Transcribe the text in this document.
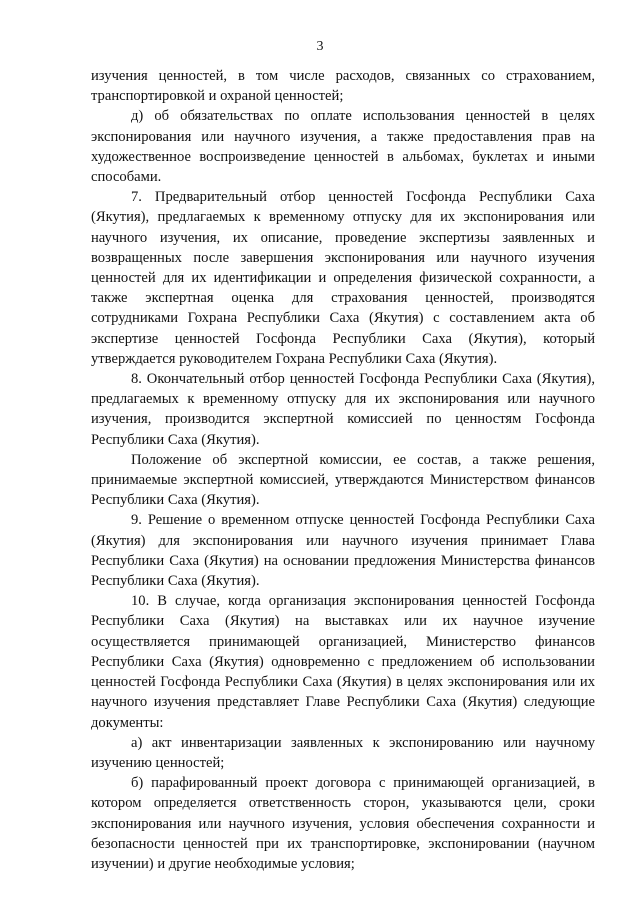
3

изучения ценностей, в том числе расходов, связанных со страхованием, транспортировкой и охраной ценностей;

д) об обязательствах по оплате использования ценностей в целях экспонирования или научного изучения, а также предоставления прав на художественное воспроизведение ценностей в альбомах, буклетах и иными способами.

7. Предварительный отбор ценностей Госфонда Республики Саха (Якутия), предлагаемых к временному отпуску для их экспонирования или научного изучения, их описание, проведение экспертизы заявленных и возвращенных после завершения экспонирования или научного изучения ценностей для их идентификации и определения физической сохранности, а также экспертная оценка для страхования ценностей, производятся сотрудниками Гохрана Республики Саха (Якутия) с составлением акта об экспертизе ценностей Госфонда Республики Саха (Якутия), который утверждается руководителем Гохрана Республики Саха (Якутия).

8. Окончательный отбор ценностей Госфонда Республики Саха (Якутия), предлагаемых к временному отпуску для их экспонирования или научного изучения, производится экспертной комиссией по ценностям Госфонда Республики Саха (Якутия).

Положение об экспертной комиссии, ее состав, а также решения, принимаемые экспертной комиссией, утверждаются Министерством финансов Республики Саха (Якутия).

9. Решение о временном отпуске ценностей Госфонда Республики Саха (Якутия) для экспонирования или научного изучения принимает Глава Республики Саха (Якутия) на основании предложения Министерства финансов Республики Саха (Якутия).

10. В случае, когда организация экспонирования ценностей Госфонда Республики Саха (Якутия) на выставках или их научное изучение осуществляется принимающей организацией, Министерство финансов Республики Саха (Якутия) одновременно с предложением об использовании ценностей Госфонда Республики Саха (Якутия) в целях экспонирования или их научного изучения представляет Главе Республики Саха (Якутия) следующие документы:

а) акт инвентаризации заявленных к экспонированию или научному изучению ценностей;

б) парафированный проект договора с принимающей организацией, в котором определяется ответственность сторон, указываются цели, сроки экспонирования или научного изучения, условия обеспечения сохранности и безопасности ценностей при их транспортировке, экспонировании (научном изучении) и другие необходимые условия;
